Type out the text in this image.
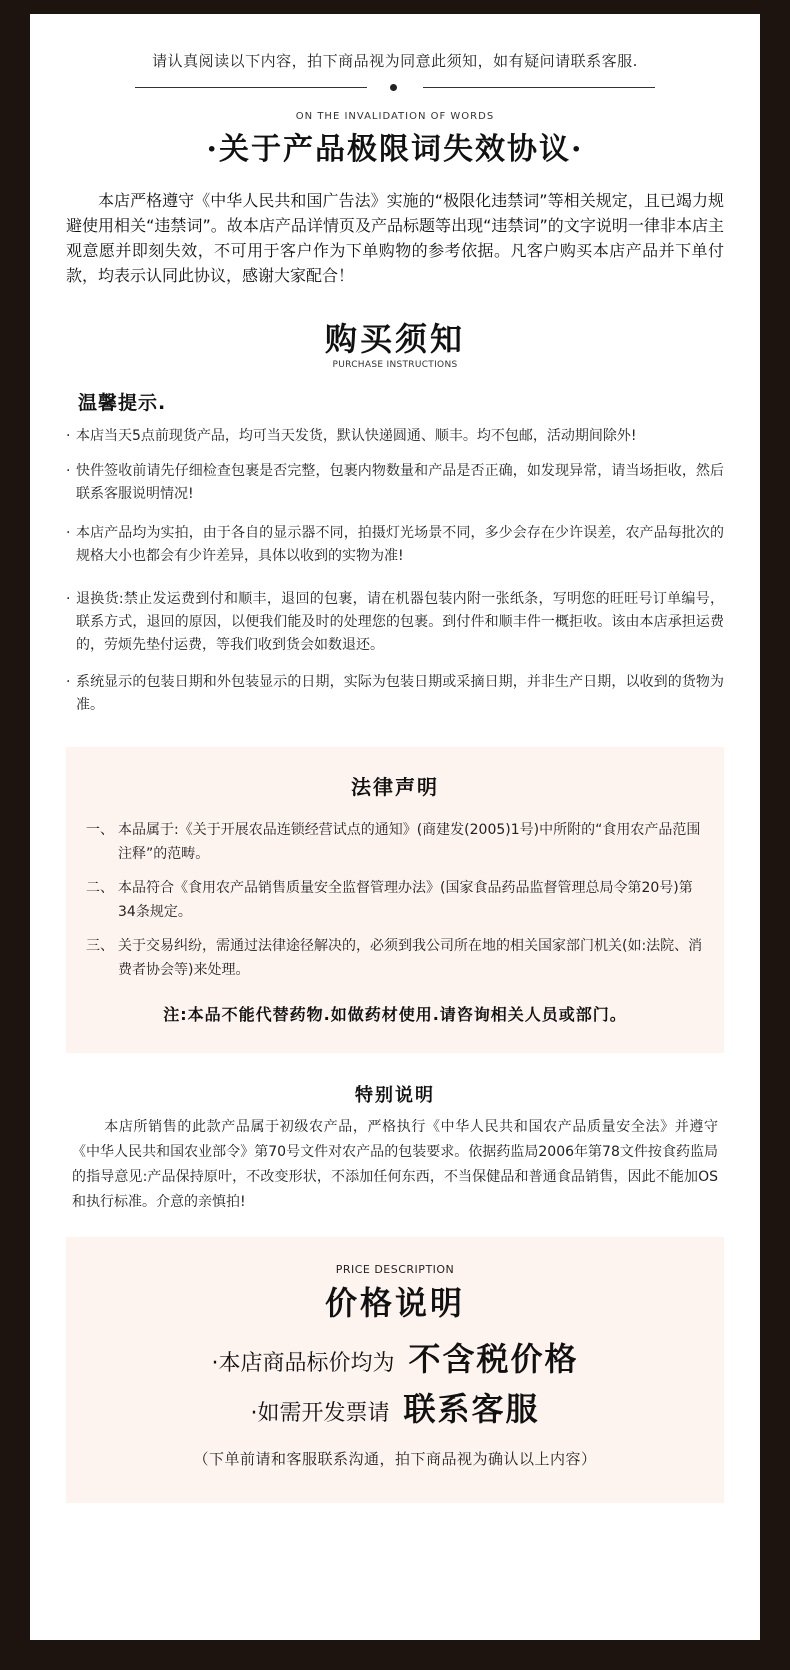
请认真阅读以下内容，拍下商品视为同意此须知，如有疑问请联系客服.
ON THE INVALIDATION OF WORDS
·关于产品极限词失效协议·
本店严格遵守《中华人民共和国广告法》实施的“极限化违禁词”等相关规定，且已竭力规避使用相关“违禁词”。故本店产品详情页及产品标题等出现“违禁词”的文字说明一律非本店主观意愿并即刻失效，不可用于客户作为下单购物的参考依据。凡客户购买本店产品并下单付款，均表示认同此协议，感谢大家配合！
购买须知
PURCHASE INSTRUCTIONS
温馨提示.
· 本店当天5点前现货产品，均可当天发货，默认快递圆通、顺丰。均不包邮，活动期间除外!
· 快件签收前请先仔细检查包裹是否完整，包裹内物数量和产品是否正确，如发现异常，请当场拒收，然后联系客服说明情况!
· 本店产品均为实拍，由于各自的显示器不同，拍摄灯光场景不同，多少会存在少许误差，农产品每批次的规格大小也都会有少许差异，具体以收到的实物为准!
· 退换货:禁止发运费到付和顺丰，退回的包裹，请在机器包装内附一张纸条，写明您的旺旺号订单编号，联系方式，退回的原因，以便我们能及时的处理您的包裹。到付件和顺丰件一概拒收。该由本店承担运费的，劳烦先垫付运费，等我们收到货会如数退还。
· 系统显示的包装日期和外包装显示的日期，实际为包装日期或采摘日期，并非生产日期，以收到的货物为准。
法律声明
一、 本品属于:《关于开展农品连锁经营试点的通知》(商建发(2005)1号)中所附的“食用农产品范围注释”的范畴。
二、 本品符合《食用农产品销售质量安全监督管理办法》(国家食品药品监督管理总局令第20号)第34条规定。
三、 关于交易纠纷，需通过法律途径解决的，必须到我公司所在地的相关国家部门机关(如:法院、消费者协会等)来处理。
注:本品不能代替药物.如做药材使用.请咨询相关人员或部门。
特别说明
本店所销售的此款产品属于初级农产品，严格执行《中华人民共和国农产品质量安全法》并遵守《中华人民共和国农业部令》第70号文件对农产品的包装要求。依据药监局2006年第78文件按食药监局的指导意见:产品保持原叶，不改变形状，不添加任何东西，不当保健品和普通食品销售，因此不能加OS和执行标准。介意的亲慎拍!
PRICE DESCRIPTION
价格说明
·本店商品标价均为 不含税价格
·如需开发票请 联系客服
（下单前请和客服联系沟通，拍下商品视为确认以上内容）
